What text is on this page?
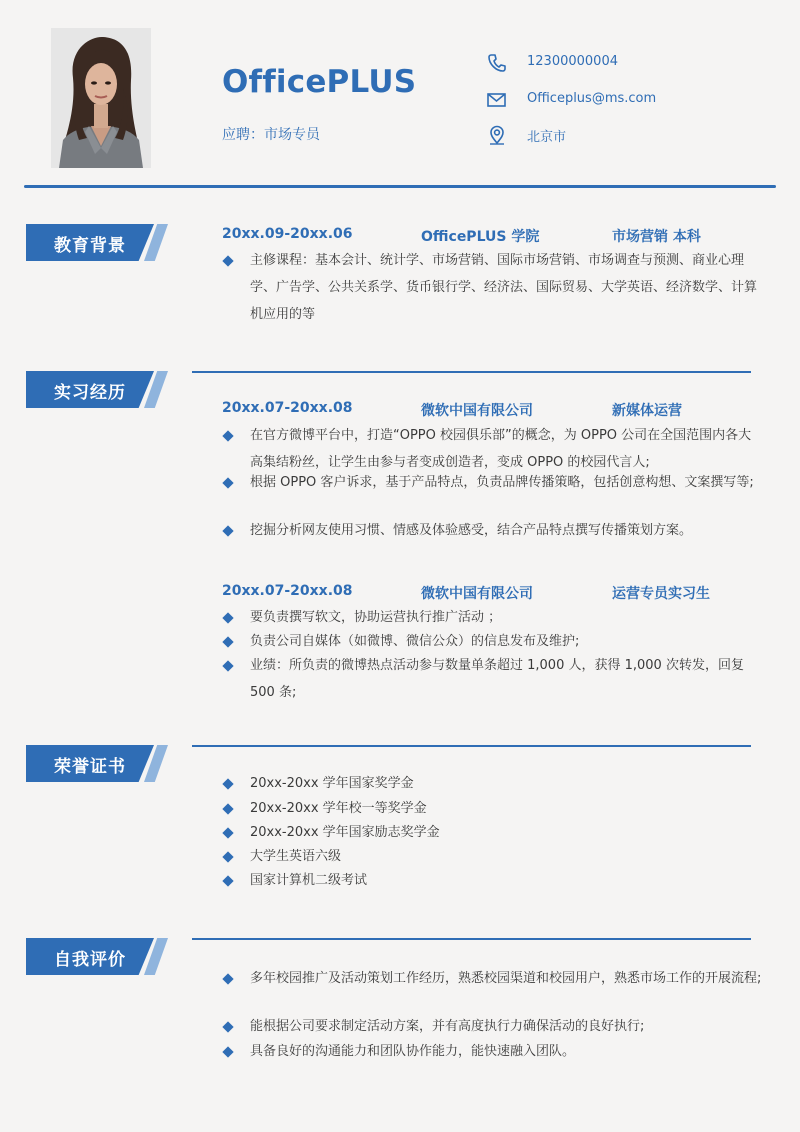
OfficePLUS
应聘：市场专员
12300000004
Officeplus@ms.com
北京市
教育背景
20xx.09-20xx.06	OfficePLUS 学院	市场营销 本科
主修课程：基本会计、统计学、市场营销、国际市场营销、市场调查与预测、商业心理学、广告学、公共关系学、货币银行学、经济法、国际贸易、大学英语、经济数学、计算机应用的等
实习经历
20xx.07-20xx.08	微软中国有限公司	新媒体运营
在官方微博平台中，打造“OPPO 校园俱乐部”的概念，为 OPPO 公司在全国范围内各大高集结粉丝，让学生由参与者变成创造者，变成 OPPO 的校园代言人;
根据 OPPO 客户诉求，基于产品特点，负责品牌传播策略，包括创意构想、文案撰写等;
挖掘分析网友使用习惯、情感及体验感受，结合产品特点撰写传播策划方案。
20xx.07-20xx.08	微软中国有限公司	运营专员实习生
要负责撰写软文，协助运营执行推广活动 ；
负责公司自媒体（如微博、微信公众）的信息发布及维护;
业绩：所负责的微博热点活动参与数量单条超过 1,000 人，获得 1,000 次转发，回复 500 条;
荣誉证书
20xx-20xx 学年国家奖学金
20xx-20xx 学年校一等奖学金
20xx-20xx 学年国家励志奖学金
大学生英语六级
国家计算机二级考试
自我评价
多年校园推广及活动策划工作经历，熟悉校园渠道和校园用户，熟悉市场工作的开展流程;
能根据公司要求制定活动方案，并有高度执行力确保活动的良好执行;
具备良好的沟通能力和团队协作能力，能快速融入团队。
